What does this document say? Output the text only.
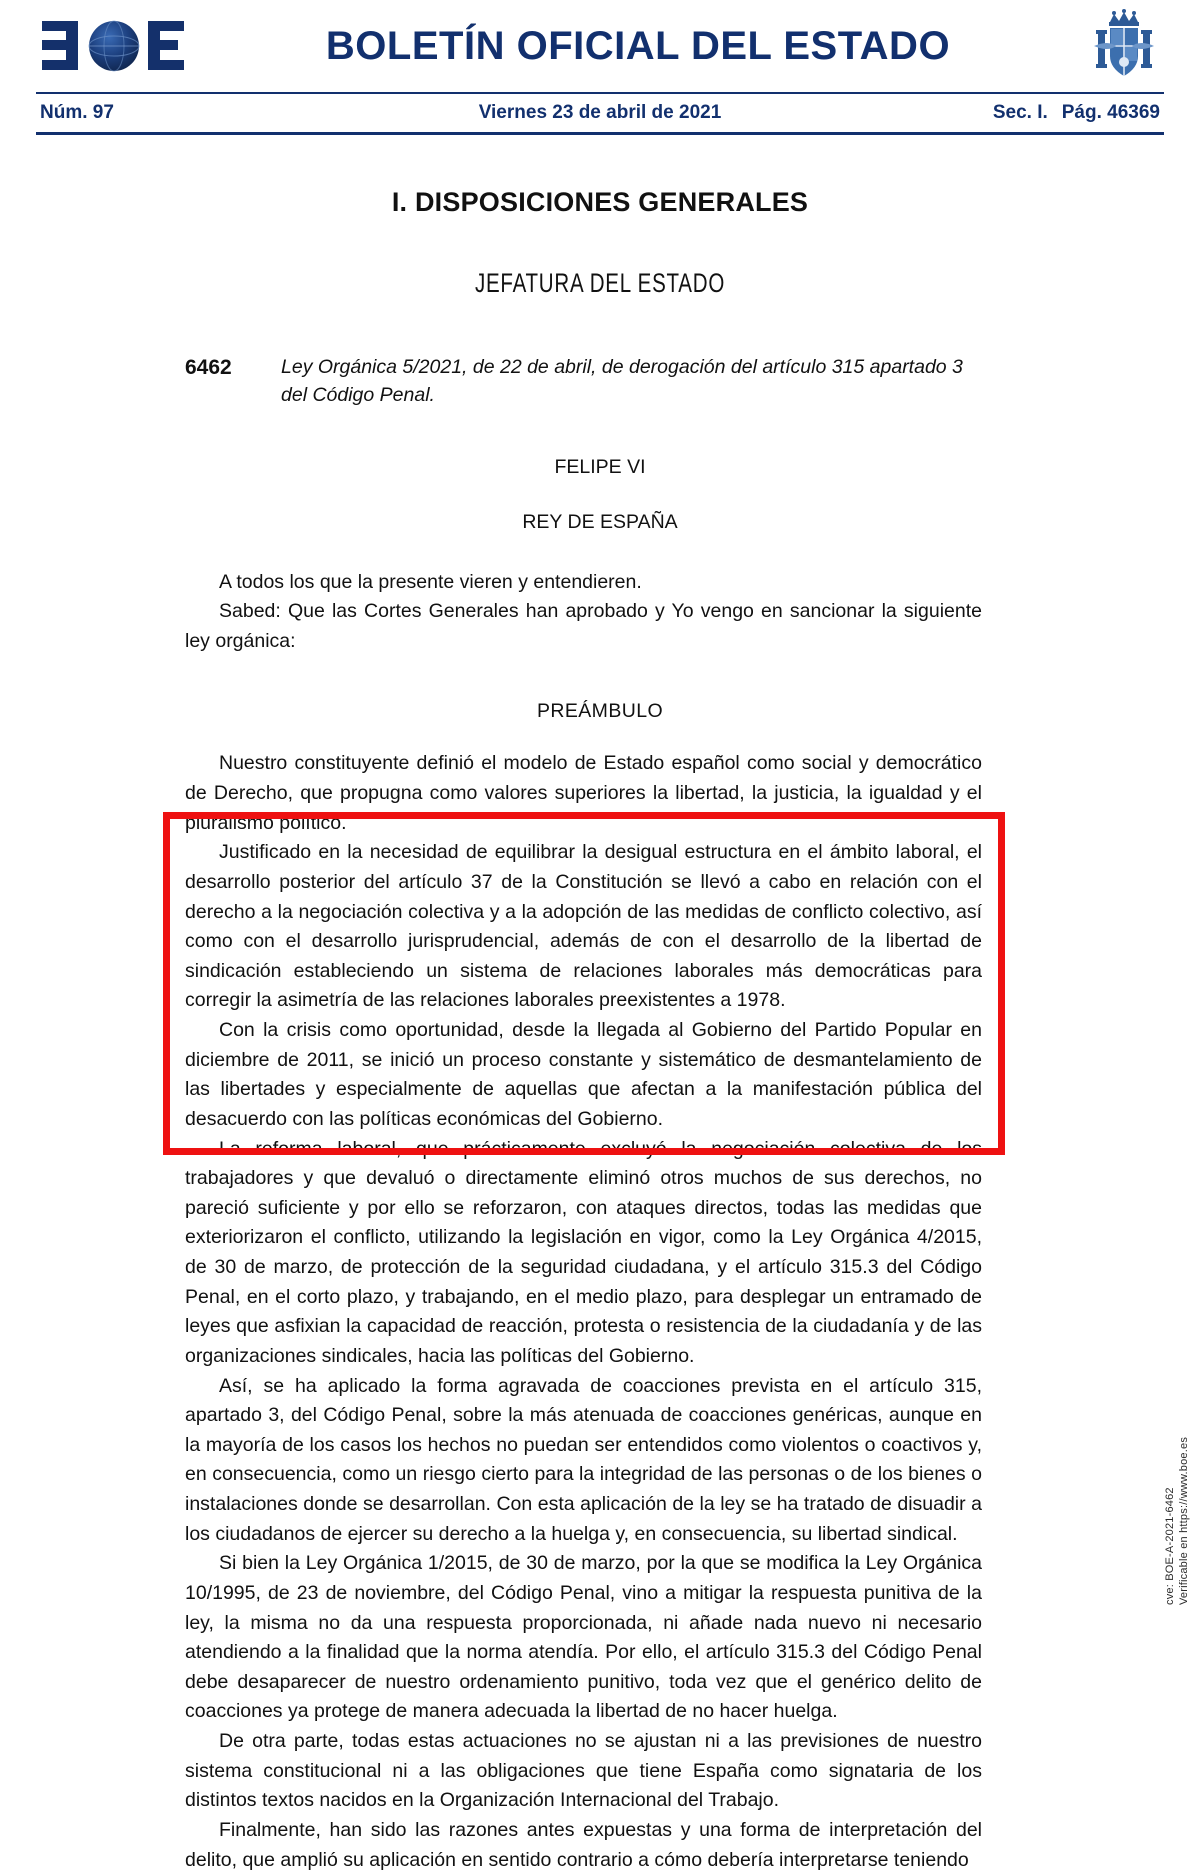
BOLETÍN OFICIAL DEL ESTADO
Núm. 97	Viernes 23 de abril de 2021	Sec. I. Pág. 46369
I. DISPOSICIONES GENERALES
JEFATURA DEL ESTADO
6462	Ley Orgánica 5/2021, de 22 de abril, de derogación del artículo 315 apartado 3 del Código Penal.
FELIPE VI
REY DE ESPAÑA

A todos los que la presente vieren y entendieren.

Sabed: Que las Cortes Generales han aprobado y Yo vengo en sancionar la siguiente ley orgánica:

PREÁMBULO

Nuestro constituyente definió el modelo de Estado español como social y democrático de Derecho, que propugna como valores superiores la libertad, la justicia, la igualdad y el pluralismo político.

Justificado en la necesidad de equilibrar la desigual estructura en el ámbito laboral, el desarrollo posterior del artículo 37 de la Constitución se llevó a cabo en relación con el derecho a la negociación colectiva y a la adopción de las medidas de conflicto colectivo, así como con el desarrollo jurisprudencial, además de con el desarrollo de la libertad de sindicación estableciendo un sistema de relaciones laborales más democráticas para corregir la asimetría de las relaciones laborales preexistentes a 1978.

Con la crisis como oportunidad, desde la llegada al Gobierno del Partido Popular en diciembre de 2011, se inició un proceso constante y sistemático de desmantelamiento de las libertades y especialmente de aquellas que afectan a la manifestación pública del desacuerdo con las políticas económicas del Gobierno.

La reforma laboral, que prácticamente excluyó la negociación colectiva de los trabajadores y que devaluó o directamente eliminó otros muchos de sus derechos, no pareció suficiente y por ello se reforzaron, con ataques directos, todas las medidas que exteriorizaron el conflicto, utilizando la legislación en vigor, como la Ley Orgánica 4/2015, de 30 de marzo, de protección de la seguridad ciudadana, y el artículo 315.3 del Código Penal, en el corto plazo, y trabajando, en el medio plazo, para desplegar un entramado de leyes que asfixian la capacidad de reacción, protesta o resistencia de la ciudadanía y de las organizaciones sindicales, hacia las políticas del Gobierno.

Así, se ha aplicado la forma agravada de coacciones prevista en el artículo 315, apartado 3, del Código Penal, sobre la más atenuada de coacciones genéricas, aunque en la mayoría de los casos los hechos no puedan ser entendidos como violentos o coactivos y, en consecuencia, como un riesgo cierto para la integridad de las personas o de los bienes o instalaciones donde se desarrollan. Con esta aplicación de la ley se ha tratado de disuadir a los ciudadanos de ejercer su derecho a la huelga y, en consecuencia, su libertad sindical.

Si bien la Ley Orgánica 1/2015, de 30 de marzo, por la que se modifica la Ley Orgánica 10/1995, de 23 de noviembre, del Código Penal, vino a mitigar la respuesta punitiva de la ley, la misma no da una respuesta proporcionada, ni añade nada nuevo ni necesario atendiendo a la finalidad que la norma atendía. Por ello, el artículo 315.3 del Código Penal debe desaparecer de nuestro ordenamiento punitivo, toda vez que el genérico delito de coacciones ya protege de manera adecuada la libertad de no hacer huelga.

De otra parte, todas estas actuaciones no se ajustan ni a las previsiones de nuestro sistema constitucional ni a las obligaciones que tiene España como signataria de los distintos textos nacidos en la Organización Internacional del Trabajo.

Finalmente, han sido las razones antes expuestas y una forma de interpretación del delito, que amplió su aplicación en sentido contrario a cómo debería interpretarse teniendo

cve: BOE-A-2021-6462 Verificable en https://www.boe.es
